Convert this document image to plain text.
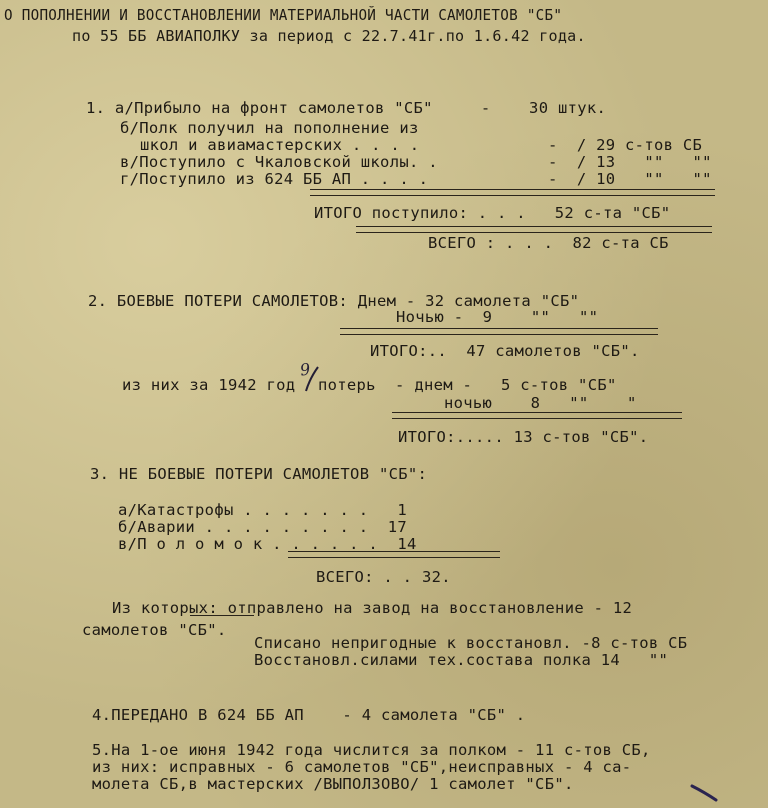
О ПОПОЛНЕНИИ И ВОССТАНОВЛЕНИИ МАТЕРИАЛЬНОЙ ЧАСТИ САМОЛЕТОВ "СБ"
по 55 ББ АВИАПОЛКУ за период с 22.7.41г.по 1.6.42 года.
1. а/Прибыло на фронт самолетов "СБ"     -    30 штук.
б/Полк получил на пополнение из
школ и авиамастерских . . . .	-  / 29 с-тов СБ
в/Поступило с Чкаловской школы. .	-  / 13   ""   ""
г/Поступило из 624 ББ АП . . . .	-  / 10   ""   ""
ИТОГО поступило: . . .   52 с-та "СБ"
ВСЕГО : . . .  82 с-та СБ
2. БОЕВЫЕ ПОТЕРИ САМОЛЕТОВ: Днем - 32 самолета "СБ"
Ночью -  9    ""   ""
ИТОГО:..  47 самолетов "СБ".
из них за 1942 год
9
потерь  - днем -   5 с-тов "СБ"
ночью    8   ""    "
ИТОГО:..... 13 с-тов "СБ".
3. НЕ БОЕВЫЕ ПОТЕРИ САМОЛЕТОВ "СБ":
а/Катастрофы . . . . . . .   1
б/Аварии . . . . . . . . .  17
в/П о л о м о к . . . . . .  14
ВСЕГО: . . 32.
Из которых: отправлено на завод на восстановление - 12
самолетов "СБ".
Списано непригодные к восстановл. -8 с-тов СБ
Восстановл.силами тех.состава полка 14   ""
4.ПЕРЕДАНО В 624 ББ АП    - 4 самолета "СБ" .
5.На 1-ое июня 1942 года числится за полком - 11 с-тов СБ,
из них: исправных - 6 самолетов "СБ",неисправных - 4 са-
молета СБ,в мастерских /ВЫПОЛЗОВО/ 1 самолет "СБ".
